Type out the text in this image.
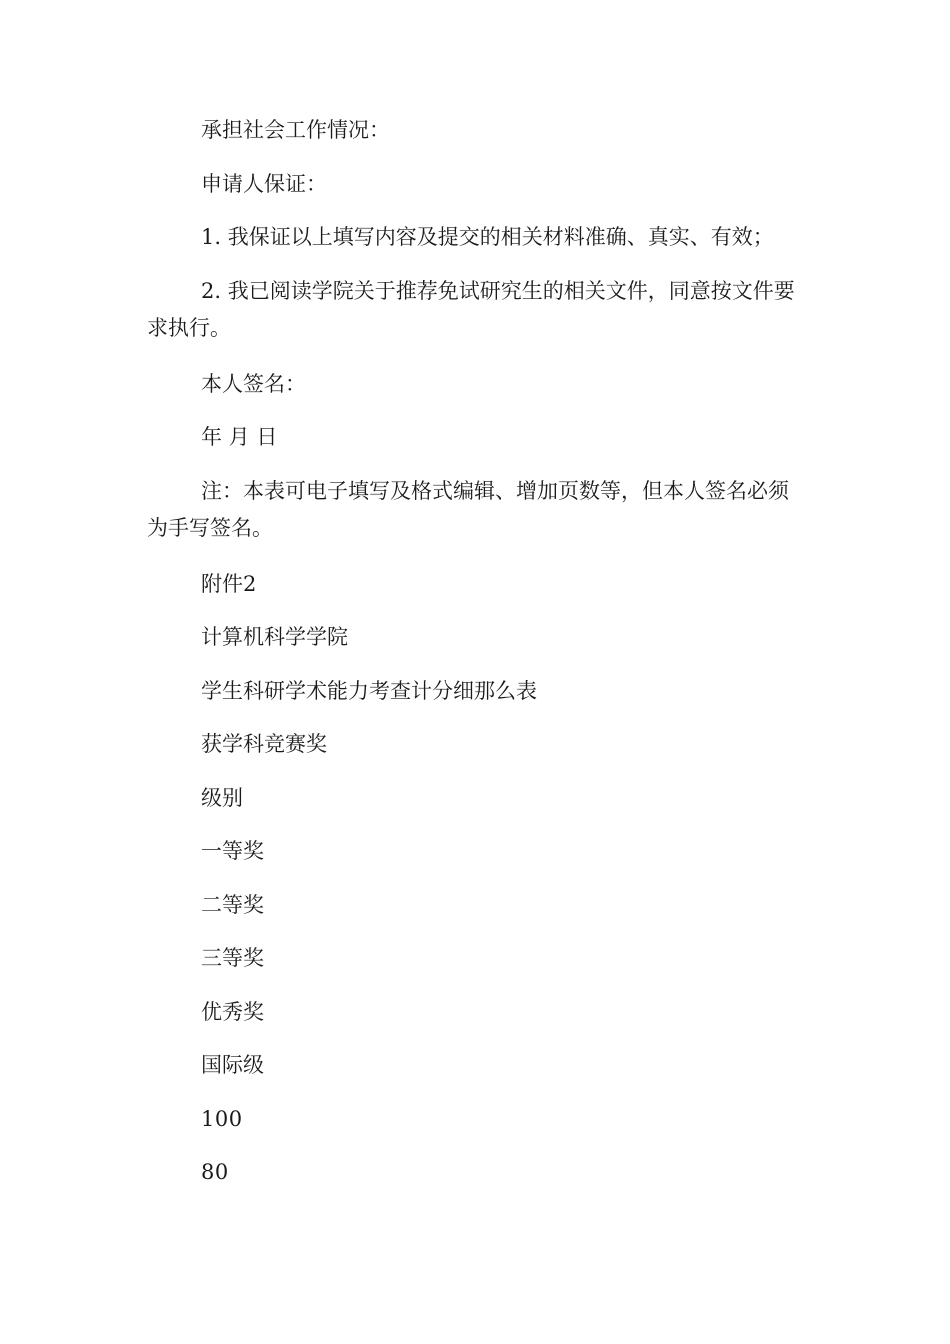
承担社会工作情况：

申请人保证：

1. 我保证以上填写内容及提交的相关材料准确、真实、有效；

2. 我已阅读学院关于推荐免试研究生的相关文件，同意按文件要求执行。

本人签名：

年 月 日

注：本表可电子填写及格式编辑、增加页数等，但本人签名必须为手写签名。

附件2

计算机科学学院

学生科研学术能力考查计分细那么表

获学科竞赛奖

级别

一等奖

二等奖

三等奖

优秀奖

国际级

100

80
